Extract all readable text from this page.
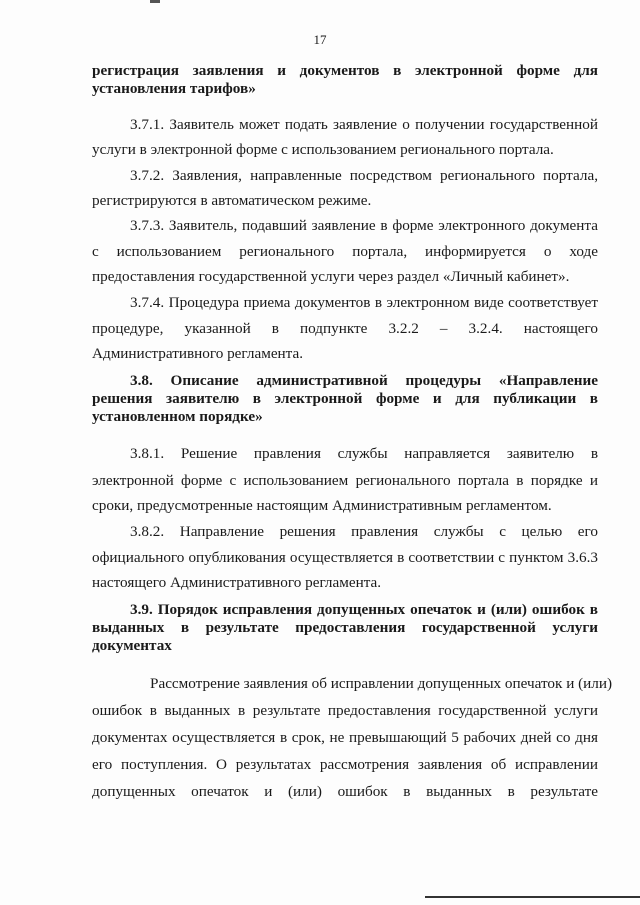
17
регистрация заявления и документов в электронной форме для
установления тарифов»
3.7.1. Заявитель может подать заявление о получении государственной
услуги в электронной форме с использованием регионального портала.
3.7.2. Заявления, направленные посредством регионального портала,
регистрируются в автоматическом режиме.
3.7.3. Заявитель, подавший заявление в форме электронного документа
с использованием регионального портала, информируется о ходе
предоставления государственной услуги через раздел «Личный кабинет».
3.7.4. Процедура приема документов в электронном виде соответствует
процедуре, указанной в подпункте 3.2.2 – 3.2.4. настоящего
Административного регламента.
3.8. Описание административной процедуры «Направление
решения заявителю в электронной форме и для публикации в
установленном порядке»
3.8.1. Решение правления службы направляется заявителю в
электронной форме с использованием регионального портала в порядке и
сроки, предусмотренные настоящим Административным регламентом.
3.8.2. Направление решения правления службы с целью его
официального опубликования осуществляется в соответствии с пунктом 3.6.3
настоящего Административного регламента.
3.9. Порядок исправления допущенных опечаток и (или) ошибок в
выданных в результате предоставления государственной услуги
документах
Рассмотрение заявления об исправлении допущенных опечаток и (или)
ошибок в выданных в результате предоставления государственной услуги
документах осуществляется в срок, не превышающий 5 рабочих дней со дня
его поступления. О результатах рассмотрения заявления об исправлении
допущенных опечаток и (или) ошибок в выданных в результате
